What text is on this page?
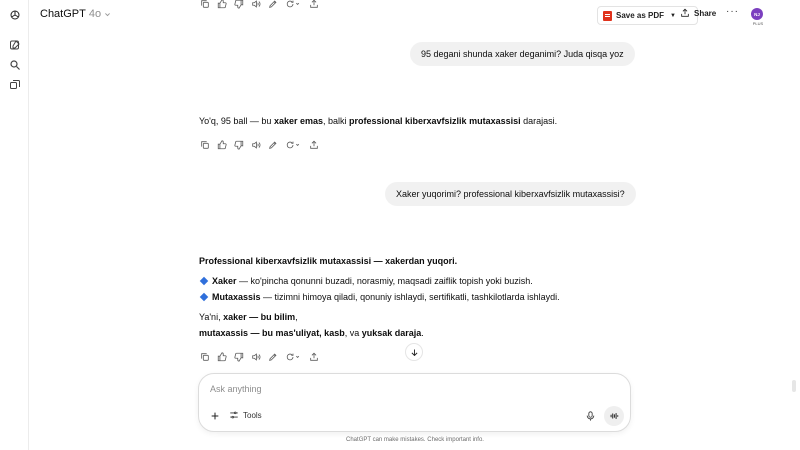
ChatGPT 4o	Save as PDF ▼ Share ···	NJ
PLUS
95 degani shunda xaker deganimi? Juda qisqa yoz
Yo'q, 95 ball — bu xaker emas, balki professional kiberxavfsizlik mutaxassisi darajasi.
Xaker yuqorimi? professional kiberxavfsizlik mutaxassisi?
Professional kiberxavfsizlik mutaxassisi — xakerdan yuqori.
Xaker — ko'pincha qonunni buzadi, norasmiy, maqsadi zaiflik topish yoki buzish.
Mutaxassis — tizimni himoya qiladi, qonuniy ishlaydi, sertifikatli, tashkilotlarda ishlaydi.
Ya'ni, xaker — bu bilim,
mutaxassis — bu mas'uliyat, kasb, va yuksak daraja.
Ask anything
Tools
ChatGPT can make mistakes. Check important info.
